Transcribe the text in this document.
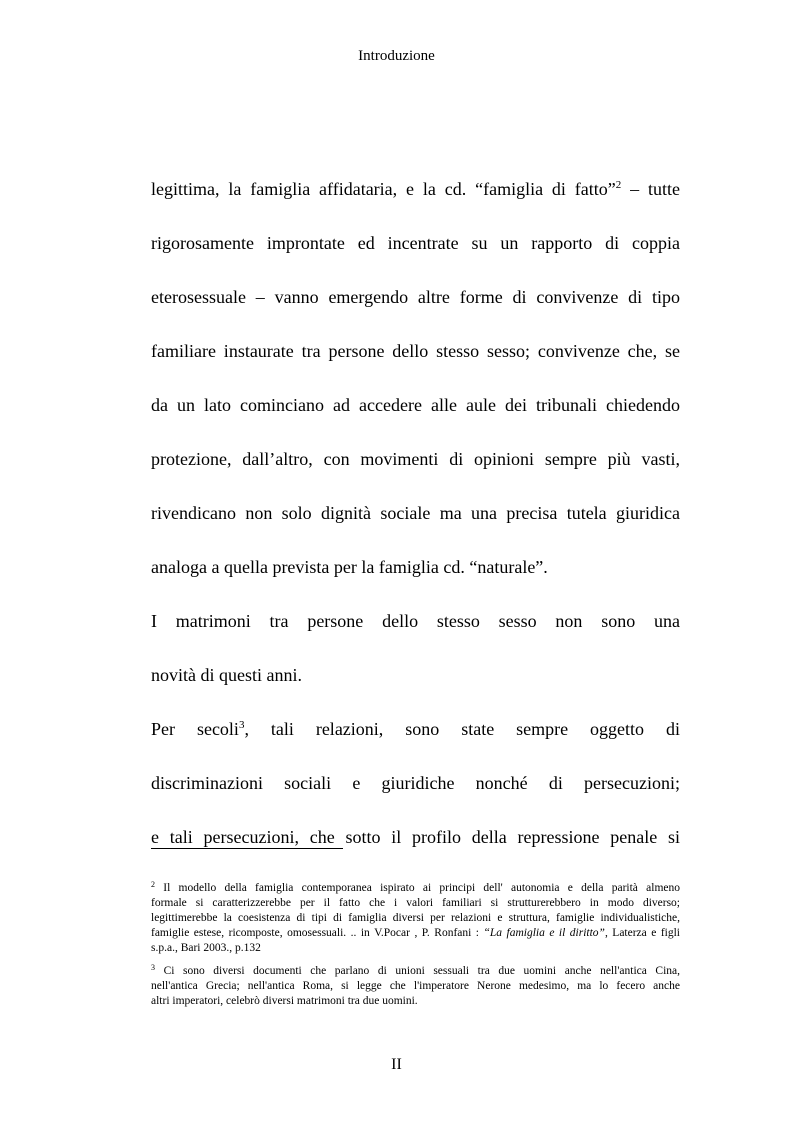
Introduzione
legittima, la famiglia affidataria, e la cd. “famiglia di fatto”$^2$ – tutte
rigorosamente improntate ed incentrate su un rapporto di coppia
eterosessuale – vanno emergendo altre forme di convivenze di tipo
familiare instaurate tra persone dello stesso sesso; convivenze che, se
da un lato cominciano ad accedere alle aule dei tribunali chiedendo
protezione, dall’altro, con movimenti di opinioni sempre più vasti,
rivendicano non solo dignità sociale ma una precisa tutela giuridica
analoga a quella prevista per la famiglia cd. “naturale”.
I matrimoni tra persone dello stesso sesso non sono una
novità di questi anni.
Per secoli$^3$, tali relazioni, sono state sempre oggetto di
discriminazioni sociali e giuridiche nonché di persecuzioni;
e tali persecuzioni, che sotto il profilo della repressione penale si
$^2$ Il modello della famiglia contemporanea ispirato ai principi dell' autonomia e della parità almeno
formale si caratterizzerebbe per il fatto che i valori familiari si strutturerebbero in modo diverso;
legittimerebbe la coesistenza di tipi di famiglia diversi per relazioni e struttura, famiglie individualistiche,
famiglie estese, ricomposte, omosessuali. .. in V.Pocar , P. Ronfani : “La famiglia e il diritto”, Laterza e figli
s.p.a., Bari 2003., p.132
$^3$ Ci sono diversi documenti che parlano di unioni sessuali tra due uomini anche nell'antica Cina,
nell'antica Grecia; nell'antica Roma, si legge che l'imperatore Nerone medesimo, ma lo fecero anche
altri imperatori, celebrò diversi matrimoni tra due uomini.
II
